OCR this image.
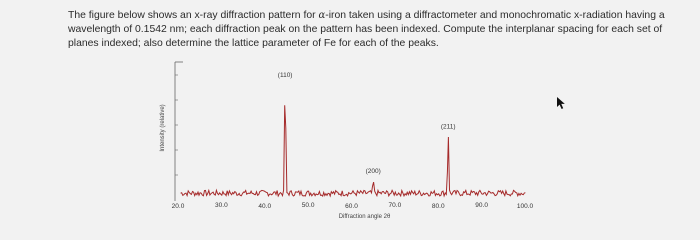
The figure below shows an x-ray diffraction pattern for α-iron taken using a diffractometer and monochromatic x-radiation having a wavelength of 0.1542 nm; each diffraction peak on the pattern has been indexed. Compute the interplanar spacing for each set of planes indexed; also determine the lattice parameter of Fe for each of the peaks.
20.0	30.0	40.0	50.0	60.0	70.0	80.0	90.0	100.0
(110)
(200)
(211)
Diffraction angle 2θ
Intensity (relative)
